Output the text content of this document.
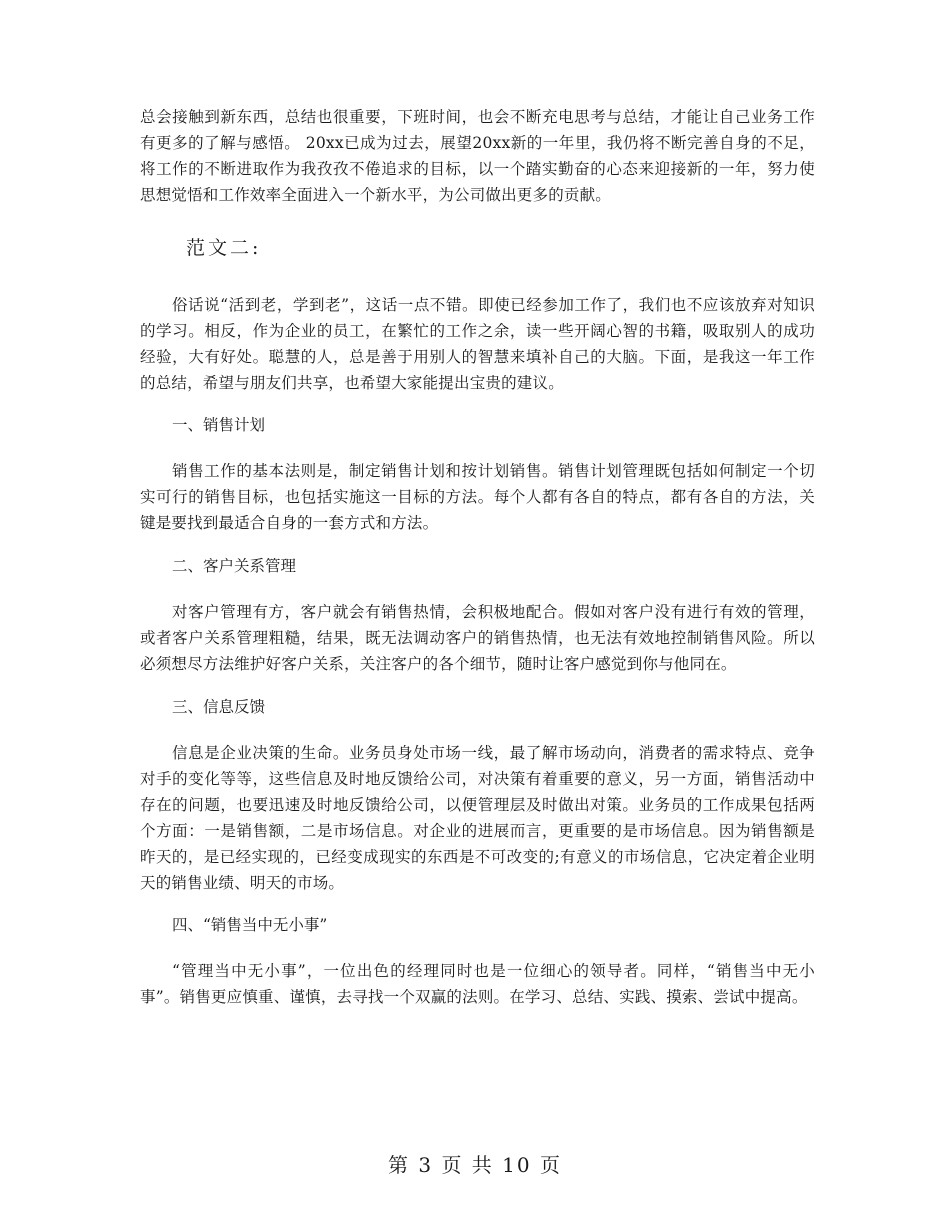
总会接触到新东西，总结也很重要，下班时间，也会不断充电思考与总结，才能让自己业务工作有更多的了解与感悟。 20xx已成为过去，展望20xx新的一年里，我仍将不断完善自身的不足，将工作的不断进取作为我孜孜不倦追求的目标，以一个踏实勤奋的心态来迎接新的一年，努力使思想觉悟和工作效率全面进入一个新水平，为公司做出更多的贡献。

范文二:

俗话说“活到老，学到老”，这话一点不错。即使已经参加工作了，我们也不应该放弃对知识的学习。相反，作为企业的员工，在繁忙的工作之余，读一些开阔心智的书籍，吸取别人的成功经验，大有好处。聪慧的人，总是善于用别人的智慧来填补自己的大脑。下面，是我这一年工作的总结，希望与朋友们共享，也希望大家能提出宝贵的建议。

一、销售计划

销售工作的基本法则是，制定销售计划和按计划销售。销售计划管理既包括如何制定一个切实可行的销售目标，也包括实施这一目标的方法。每个人都有各自的特点，都有各自的方法，关键是要找到最适合自身的一套方式和方法。

二、客户关系管理

对客户管理有方，客户就会有销售热情，会积极地配合。假如对客户没有进行有效的管理，或者客户关系管理粗糙，结果，既无法调动客户的销售热情，也无法有效地控制销售风险。所以必须想尽方法维护好客户关系，关注客户的各个细节，随时让客户感觉到你与他同在。

三、信息反馈

信息是企业决策的生命。业务员身处市场一线，最了解市场动向，消费者的需求特点、竞争对手的变化等等，这些信息及时地反馈给公司，对决策有着重要的意义，另一方面，销售活动中存在的问题，也要迅速及时地反馈给公司，以便管理层及时做出对策。业务员的工作成果包括两个方面：一是销售额，二是市场信息。对企业的进展而言，更重要的是市场信息。因为销售额是昨天的，是已经实现的，已经变成现实的东西是不可改变的;有意义的市场信息，它决定着企业明天的销售业绩、明天的市场。

四、“销售当中无小事”

“管理当中无小事”，一位出色的经理同时也是一位细心的领导者。同样，“销售当中无小事”。销售更应慎重、谨慎，去寻找一个双赢的法则。在学习、总结、实践、摸索、尝试中提高。

第 3 页 共 10 页
